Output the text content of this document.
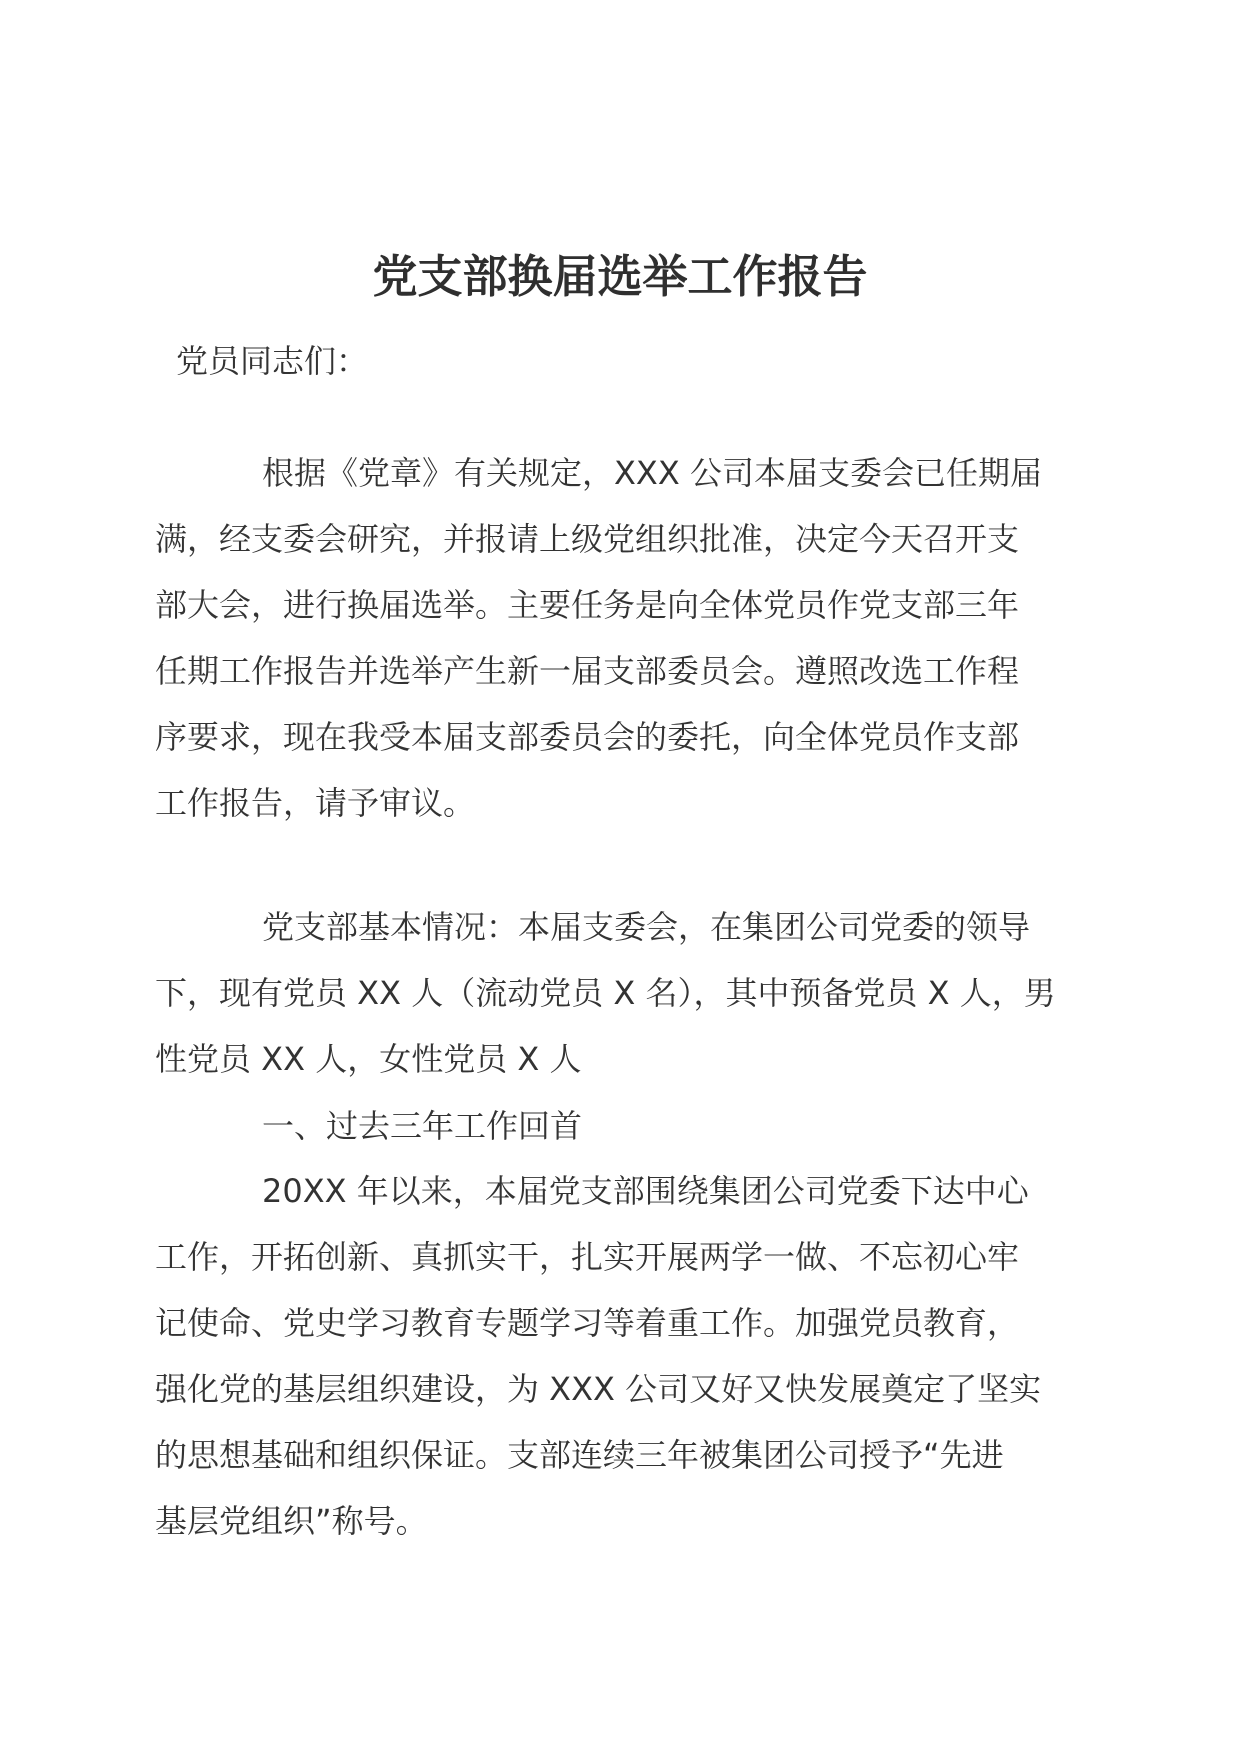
党支部换届选举工作报告

党员同志们：

根据《党章》有关规定，XXX 公司本届支委会已任期届
满，经支委会研究，并报请上级党组织批准，决定今天召开支
部大会，进行换届选举。主要任务是向全体党员作党支部三年
任期工作报告并选举产生新一届支部委员会。遵照改选工作程
序要求，现在我受本届支部委员会的委托，向全体党员作支部
工作报告，请予审议。
党支部基本情况：本届支委会，在集团公司党委的领导
下，现有党员 XX 人（流动党员 X 名），其中预备党员 X 人，男
性党员 XX 人，女性党员 X 人
一、过去三年工作回首
20XX 年以来，本届党支部围绕集团公司党委下达中心
工作，开拓创新、真抓实干，扎实开展两学一做、不忘初心牢
记使命、党史学习教育专题学习等着重工作。加强党员教育，
强化党的基层组织建设，为 XXX 公司又好又快发展奠定了坚实
的思想基础和组织保证。支部连续三年被集团公司授予“先进
基层党组织”称号。
